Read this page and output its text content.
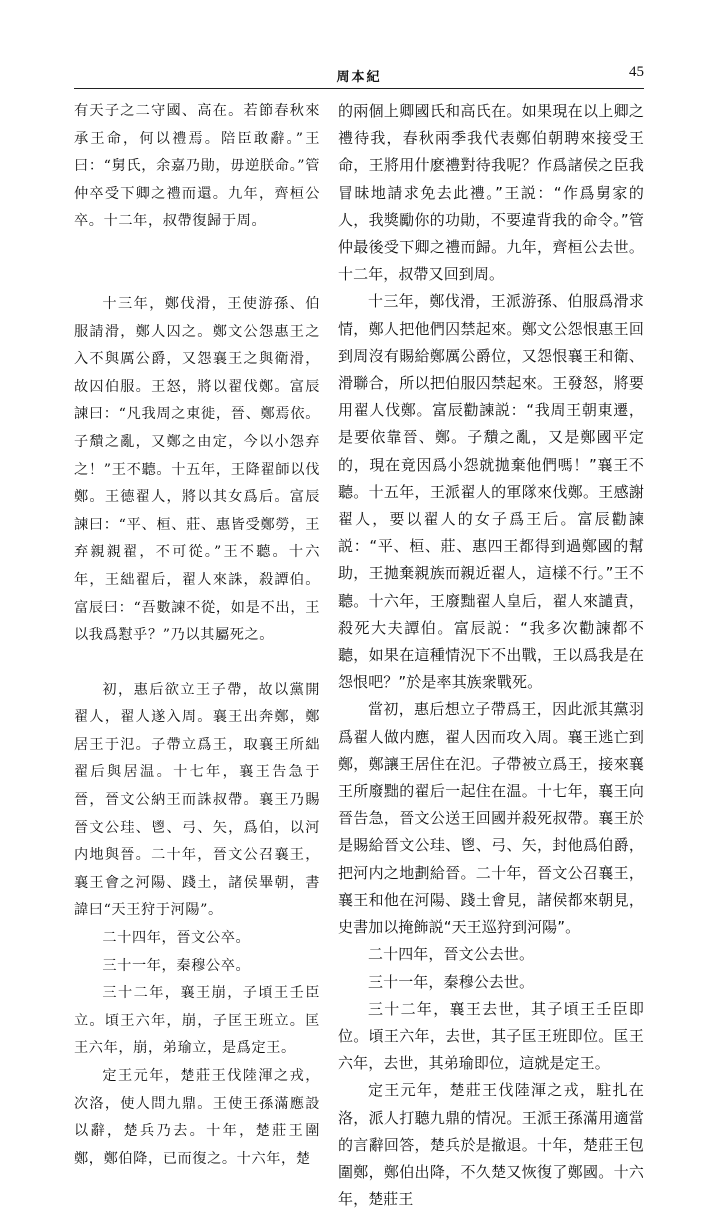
周本紀	45

有天子之二守國、高在。若節春秋來承王命，何以禮焉。陪臣敢辭。”王曰：“舅氏，余嘉乃勛，毋逆朕命。”管仲卒受下卿之禮而還。九年，齊桓公卒。十二年，叔帶復歸于周。

十三年，鄭伐滑，王使游孫、伯服請滑，鄭人囚之。鄭文公怨惠王之入不與厲公爵，又怨襄王之與衛滑，故囚伯服。王怒，將以翟伐鄭。富辰諫曰：“凡我周之東徙，晉、鄭焉依。子穨之亂，又鄭之由定，今以小怨弃之！”王不聽。十五年，王降翟師以伐鄭。王德翟人，將以其女爲后。富辰諫曰：“平、桓、莊、惠皆受鄭勞，王弃親親翟，不可從。”王不聽。十六年，王絀翟后，翟人來誅，殺譚伯。富辰曰：“吾數諫不從，如是不出，王以我爲懟乎？”乃以其屬死之。

初，惠后欲立王子帶，故以黨開翟人，翟人遂入周。襄王出奔鄭，鄭居王于氾。子帶立爲王，取襄王所絀翟后與居温。十七年，襄王告急于晉，晉文公納王而誅叔帶。襄王乃賜晉文公珪、鬯、弓、矢，爲伯，以河内地與晉。二十年，晉文公召襄王，襄王會之河陽、踐土，諸侯畢朝，書諱曰“天王狩于河陽”。

二十四年，晉文公卒。

三十一年，秦穆公卒。

三十二年，襄王崩，子頃王壬臣立。頃王六年，崩，子匡王班立。匡王六年，崩，弟瑜立，是爲定王。

定王元年，楚莊王伐陸渾之戎，次洛，使人問九鼎。王使王孫滿應設以辭，楚兵乃去。十年，楚莊王圍鄭，鄭伯降，已而復之。十六年，楚

的兩個上卿國氏和高氏在。如果現在以上卿之禮待我，春秋兩季我代表鄭伯朝聘來接受王命，王將用什麽禮對待我呢？作爲諸侯之臣我冒昧地請求免去此禮。”王説：“作爲舅家的人，我獎勵你的功勛，不要違背我的命令。”管仲最後受下卿之禮而歸。九年，齊桓公去世。十二年，叔帶又回到周。

十三年，鄭伐滑，王派游孫、伯服爲滑求情，鄭人把他們囚禁起來。鄭文公怨恨惠王回到周沒有賜給鄭厲公爵位，又怨恨襄王和衛、滑聯合，所以把伯服囚禁起來。王發怒，將要用翟人伐鄭。富辰勸諫説：“我周王朝東遷，是要依靠晉、鄭。子穨之亂，又是鄭國平定的，現在竟因爲小怨就拋棄他們嗎！”襄王不聽。十五年，王派翟人的軍隊來伐鄭。王感謝翟人，要以翟人的女子爲王后。富辰勸諫説：“平、桓、莊、惠四王都得到過鄭國的幫助，王拋棄親族而親近翟人，這樣不行。”王不聽。十六年，王廢黜翟人皇后，翟人來譴責，殺死大夫譚伯。富辰説：“我多次勸諫都不聽，如果在這種情況下不出戰，王以爲我是在怨恨吧？”於是率其族衆戰死。

當初，惠后想立子帶爲王，因此派其黨羽爲翟人做内應，翟人因而攻入周。襄王逃亡到鄭，鄭讓王居住在氾。子帶被立爲王，接來襄王所廢黜的翟后一起住在温。十七年，襄王向晉告急，晉文公送王回國并殺死叔帶。襄王於是賜給晉文公珪、鬯、弓、矢，封他爲伯爵，把河内之地劃給晉。二十年，晉文公召襄王，襄王和他在河陽、踐土會見，諸侯都來朝見，史書加以掩飾説“天王巡狩到河陽”。

二十四年，晉文公去世。

三十一年，秦穆公去世。

三十二年，襄王去世，其子頃王壬臣即位。頃王六年，去世，其子匡王班即位。匡王六年，去世，其弟瑜即位，這就是定王。

定王元年，楚莊王伐陸渾之戎，駐扎在洛，派人打聽九鼎的情况。王派王孫滿用適當的言辭回答，楚兵於是撤退。十年，楚莊王包圍鄭，鄭伯出降，不久楚又恢復了鄭國。十六年，楚莊王
